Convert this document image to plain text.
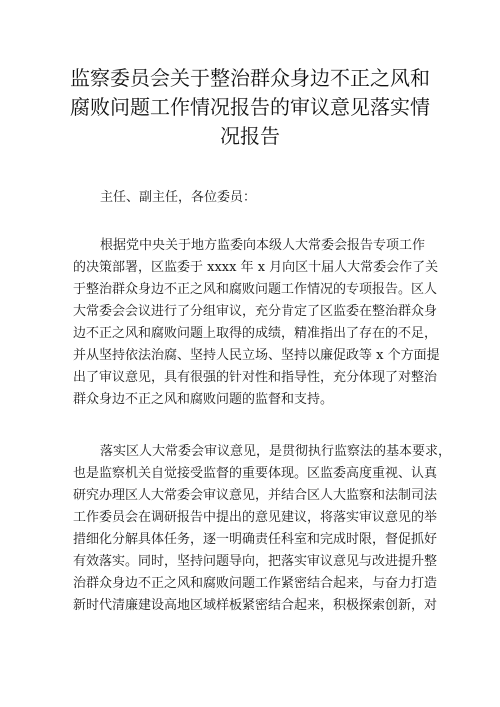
监察委员会关于整治群众身边不正之风和
腐败问题工作情况报告的审议意见落实情
况报告
主任、副主任，各位委员：
根据党中央关于地方监委向本级人大常委会报告专项工作
的决策部署，区监委于 xxxx 年 x 月向区十届人大常委会作了关
于整治群众身边不正之风和腐败问题工作情况的专项报告。区人
大常委会会议进行了分组审议，充分肯定了区监委在整治群众身
边不正之风和腐败问题上取得的成绩，精准指出了存在的不足，
并从坚持依法治腐、坚持人民立场、坚持以廉促政等 x 个方面提
出了审议意见，具有很强的针对性和指导性，充分体现了对整治
群众身边不正之风和腐败问题的监督和支持。
落实区人大常委会审议意见，是贯彻执行监察法的基本要求，
也是监察机关自觉接受监督的重要体现。区监委高度重视、认真
研究办理区人大常委会审议意见，并结合区人大监察和法制司法
工作委员会在调研报告中提出的意见建议，将落实审议意见的举
措细化分解具体任务，逐一明确责任科室和完成时限，督促抓好
有效落实。同时，坚持问题导向，把落实审议意见与改进提升整
治群众身边不正之风和腐败问题工作紧密结合起来，与奋力打造
新时代清廉建设高地区域样板紧密结合起来，积极探索创新，对
